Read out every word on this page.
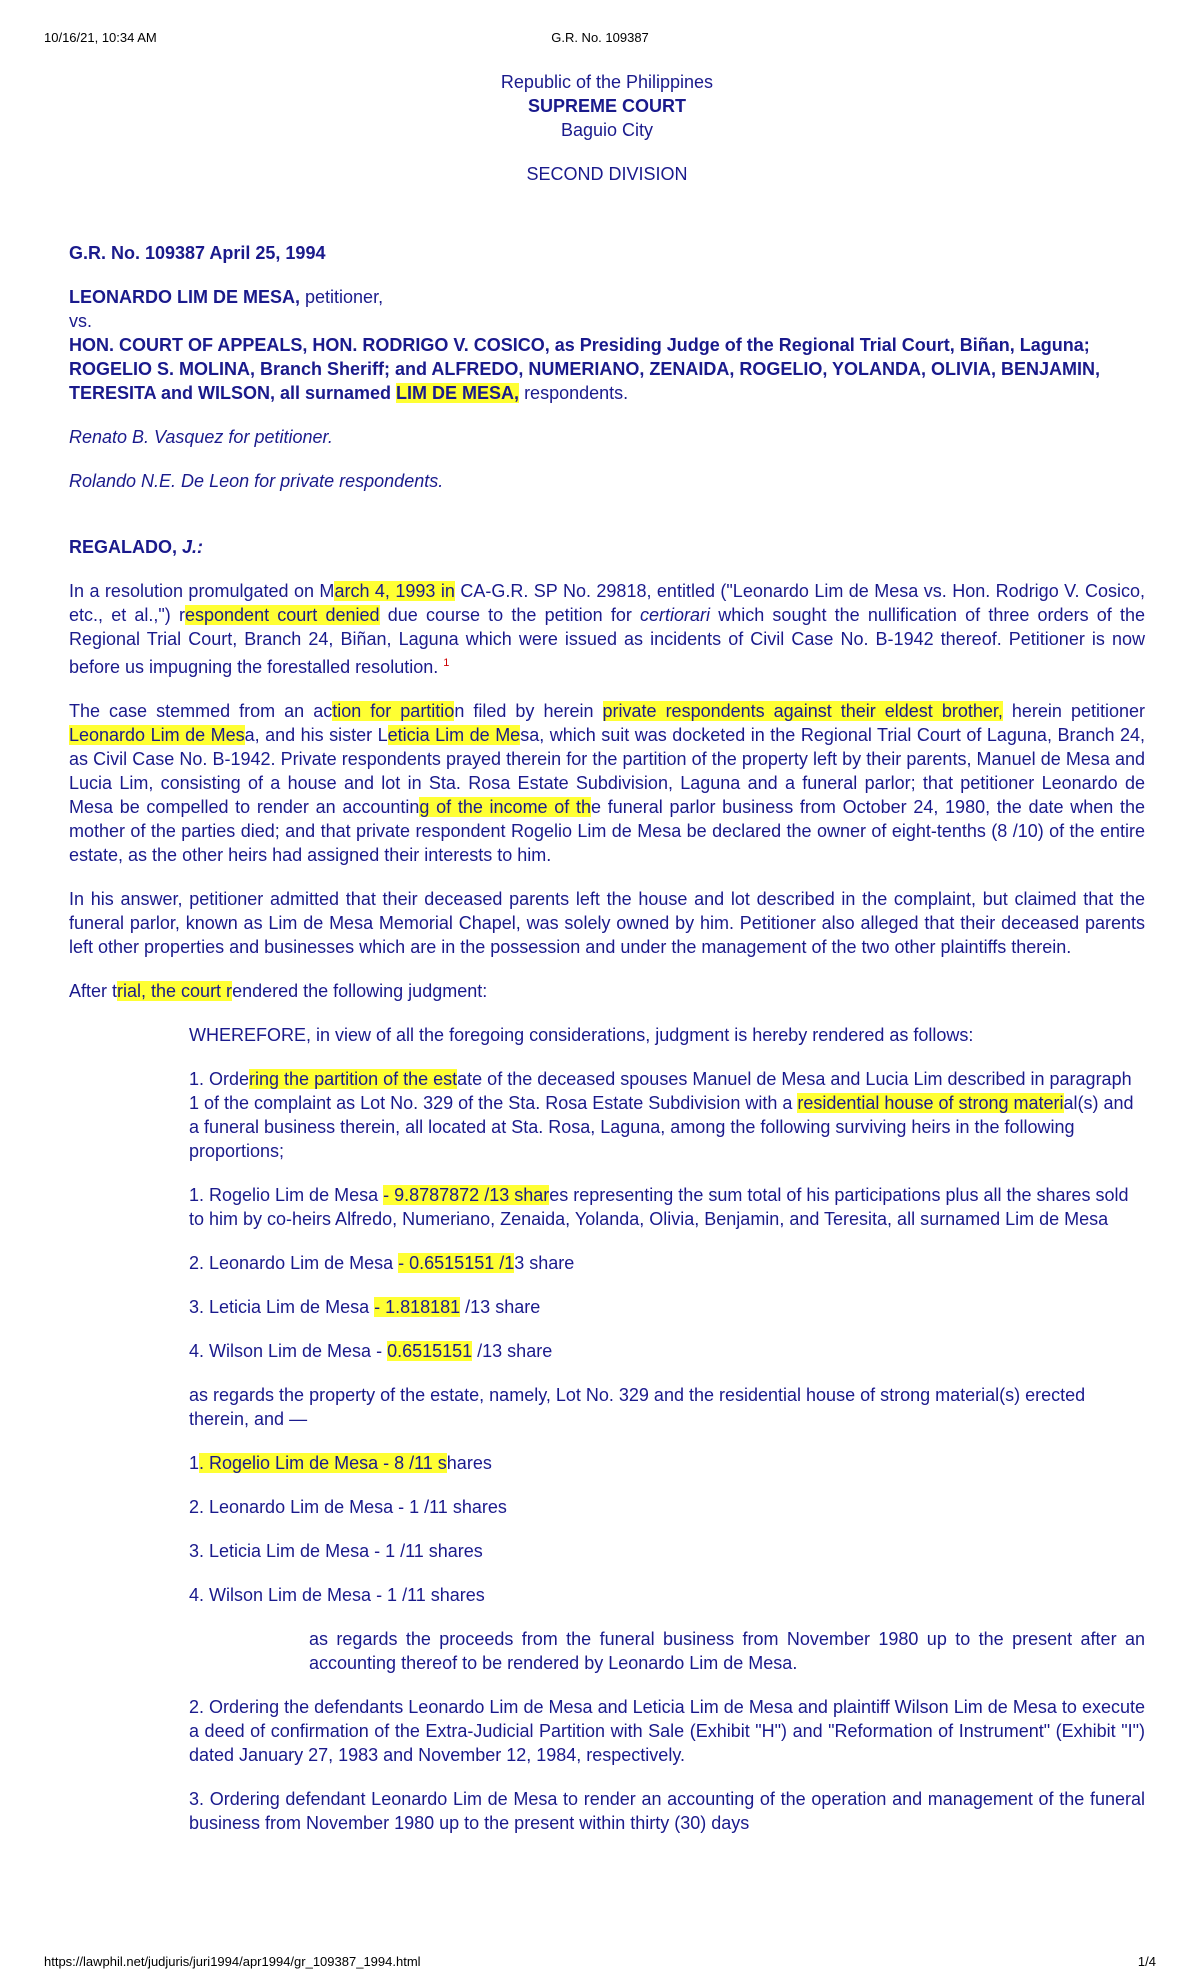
10/16/21, 10:34 AM	G.R. No. 109387
Republic of the Philippines
SUPREME COURT
Baguio City
SECOND DIVISION
G.R. No. 109387 April 25, 1994
LEONARDO LIM DE MESA, petitioner,
vs.
HON. COURT OF APPEALS, HON. RODRIGO V. COSICO, as Presiding Judge of the Regional Trial Court, Biñan, Laguna; ROGELIO S. MOLINA, Branch Sheriff; and ALFREDO, NUMERIANO, ZENAIDA, ROGELIO, YOLANDA, OLIVIA, BENJAMIN, TERESITA and WILSON, all surnamed LIM DE MESA, respondents.
Renato B. Vasquez for petitioner.
Rolando N.E. De Leon for private respondents.
REGALADO, J.:

In a resolution promulgated on March 4, 1993 in CA-G.R. SP No. 29818, entitled ("Leonardo Lim de Mesa vs. Hon. Rodrigo V. Cosico, etc., et al.,") respondent court denied due course to the petition for certiorari which sought the nullification of three orders of the Regional Trial Court, Branch 24, Biñan, Laguna which were issued as incidents of Civil Case No. B-1942 thereof. Petitioner is now before us impugning the forestalled resolution. $^1$

The case stemmed from an action for partition filed by herein private respondents against their eldest brother, herein petitioner Leonardo Lim de Mesa, and his sister Leticia Lim de Mesa, which suit was docketed in the Regional Trial Court of Laguna, Branch 24, as Civil Case No. B-1942. Private respondents prayed therein for the partition of the property left by their parents, Manuel de Mesa and Lucia Lim, consisting of a house and lot in Sta. Rosa Estate Subdivision, Laguna and a funeral parlor; that petitioner Leonardo de Mesa be compelled to render an accounting of the income of the funeral parlor business from October 24, 1980, the date when the mother of the parties died; and that private respondent Rogelio Lim de Mesa be declared the owner of eight-tenths (8 /10) of the entire estate, as the other heirs had assigned their interests to him.

In his answer, petitioner admitted that their deceased parents left the house and lot described in the complaint, but claimed that the funeral parlor, known as Lim de Mesa Memorial Chapel, was solely owned by him. Petitioner also alleged that their deceased parents left other properties and businesses which are in the possession and under the management of the two other plaintiffs therein.

After trial, the court rendered the following judgment:

WHEREFORE, in view of all the foregoing considerations, judgment is hereby rendered as follows:

1. Ordering the partition of the estate of the deceased spouses Manuel de Mesa and Lucia Lim described in paragraph 1 of the complaint as Lot No. 329 of the Sta. Rosa Estate Subdivision with a residential house of strong material(s) and a funeral business therein, all located at Sta. Rosa, Laguna, among the following surviving heirs in the following proportions;

1. Rogelio Lim de Mesa - 9.8787872 /13 shares representing the sum total of his participations plus all the shares sold to him by co-heirs Alfredo, Numeriano, Zenaida, Yolanda, Olivia, Benjamin, and Teresita, all surnamed Lim de Mesa

2. Leonardo Lim de Mesa - 0.6515151 /13 share

3. Leticia Lim de Mesa - 1.818181 /13 share

4. Wilson Lim de Mesa - 0.6515151 /13 share

as regards the property of the estate, namely, Lot No. 329 and the residential house of strong material(s) erected therein, and —

1. Rogelio Lim de Mesa - 8 /11 shares

2. Leonardo Lim de Mesa - 1 /11 shares

3. Leticia Lim de Mesa - 1 /11 shares

4. Wilson Lim de Mesa - 1 /11 shares

as regards the proceeds from the funeral business from November 1980 up to the present after an accounting thereof to be rendered by Leonardo Lim de Mesa.

2. Ordering the defendants Leonardo Lim de Mesa and Leticia Lim de Mesa and plaintiff Wilson Lim de Mesa to execute a deed of confirmation of the Extra-Judicial Partition with Sale (Exhibit "H") and "Reformation of Instrument" (Exhibit "I") dated January 27, 1983 and November 12, 1984, respectively.

3. Ordering defendant Leonardo Lim de Mesa to render an accounting of the operation and management of the funeral business from November 1980 up to the present within thirty (30) days

https://lawphil.net/judjuris/juri1994/apr1994/gr_109387_1994.html	1/4
